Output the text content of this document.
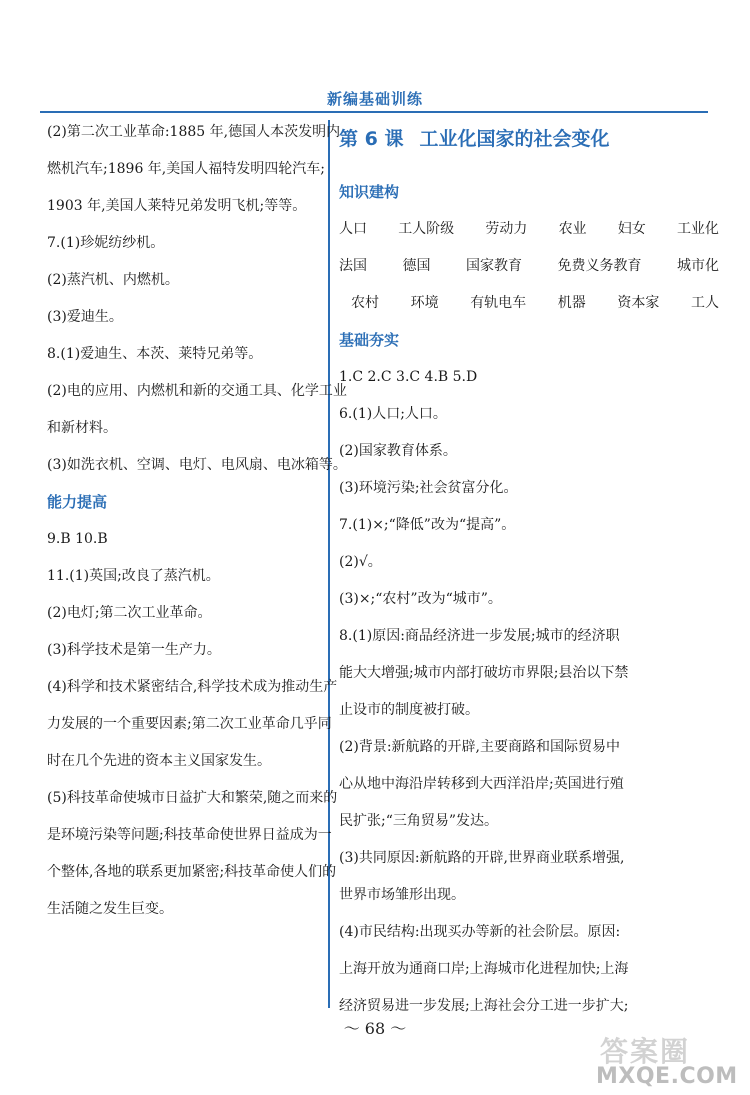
新编基础训练
(2)第二次工业革命:1885 年,德国人本茨发明内
燃机汽车;1896 年,美国人福特发明四轮汽车;
1903 年,美国人莱特兄弟发明飞机;等等。
7.(1)珍妮纺纱机。
(2)蒸汽机、内燃机。
(3)爱迪生。
8.(1)爱迪生、本茨、莱特兄弟等。
(2)电的应用、内燃机和新的交通工具、化学工业
和新材料。
(3)如洗衣机、空调、电灯、电风扇、电冰箱等。
能力提高
9.B 10.B
11.(1)英国;改良了蒸汽机。
(2)电灯;第二次工业革命。
(3)科学技术是第一生产力。
(4)科学和技术紧密结合,科学技术成为推动生产
力发展的一个重要因素;第二次工业革命几乎同
时在几个先进的资本主义国家发生。
(5)科技革命使城市日益扩大和繁荣,随之而来的
是环境污染等问题;科技革命使世界日益成为一
个整体,各地的联系更加紧密;科技革命使人们的
生活随之发生巨变。
第 6 课 工业化国家的社会变化
知识建构
人口 工人阶级 劳动力 农业 妇女 工业化
法国	德国	国家教育	免费义务教育	城市化
农村 环境 有轨电车 机器 资本家 工人
基础夯实
1.C 2.C 3.C 4.B 5.D
6.(1)人口;人口。
(2)国家教育体系。
(3)环境污染;社会贫富分化。
7.(1)×;“降低”改为“提高”。
(2)√。
(3)×;“农村”改为“城市”。
8.(1)原因:商品经济进一步发展;城市的经济职
能大大增强;城市内部打破坊市界限;县治以下禁
止设市的制度被打破。
(2)背景:新航路的开辟,主要商路和国际贸易中
心从地中海沿岸转移到大西洋沿岸;英国进行殖
民扩张;“三角贸易”发达。
(3)共同原因:新航路的开辟,世界商业联系增强,
世界市场雏形出现。
(4)市民结构:出现买办等新的社会阶层。原因:
上海开放为通商口岸;上海城市化进程加快;上海
经济贸易进一步发展;上海社会分工进一步扩大;
～ 68 ～
答案圈
MXQE.COM
